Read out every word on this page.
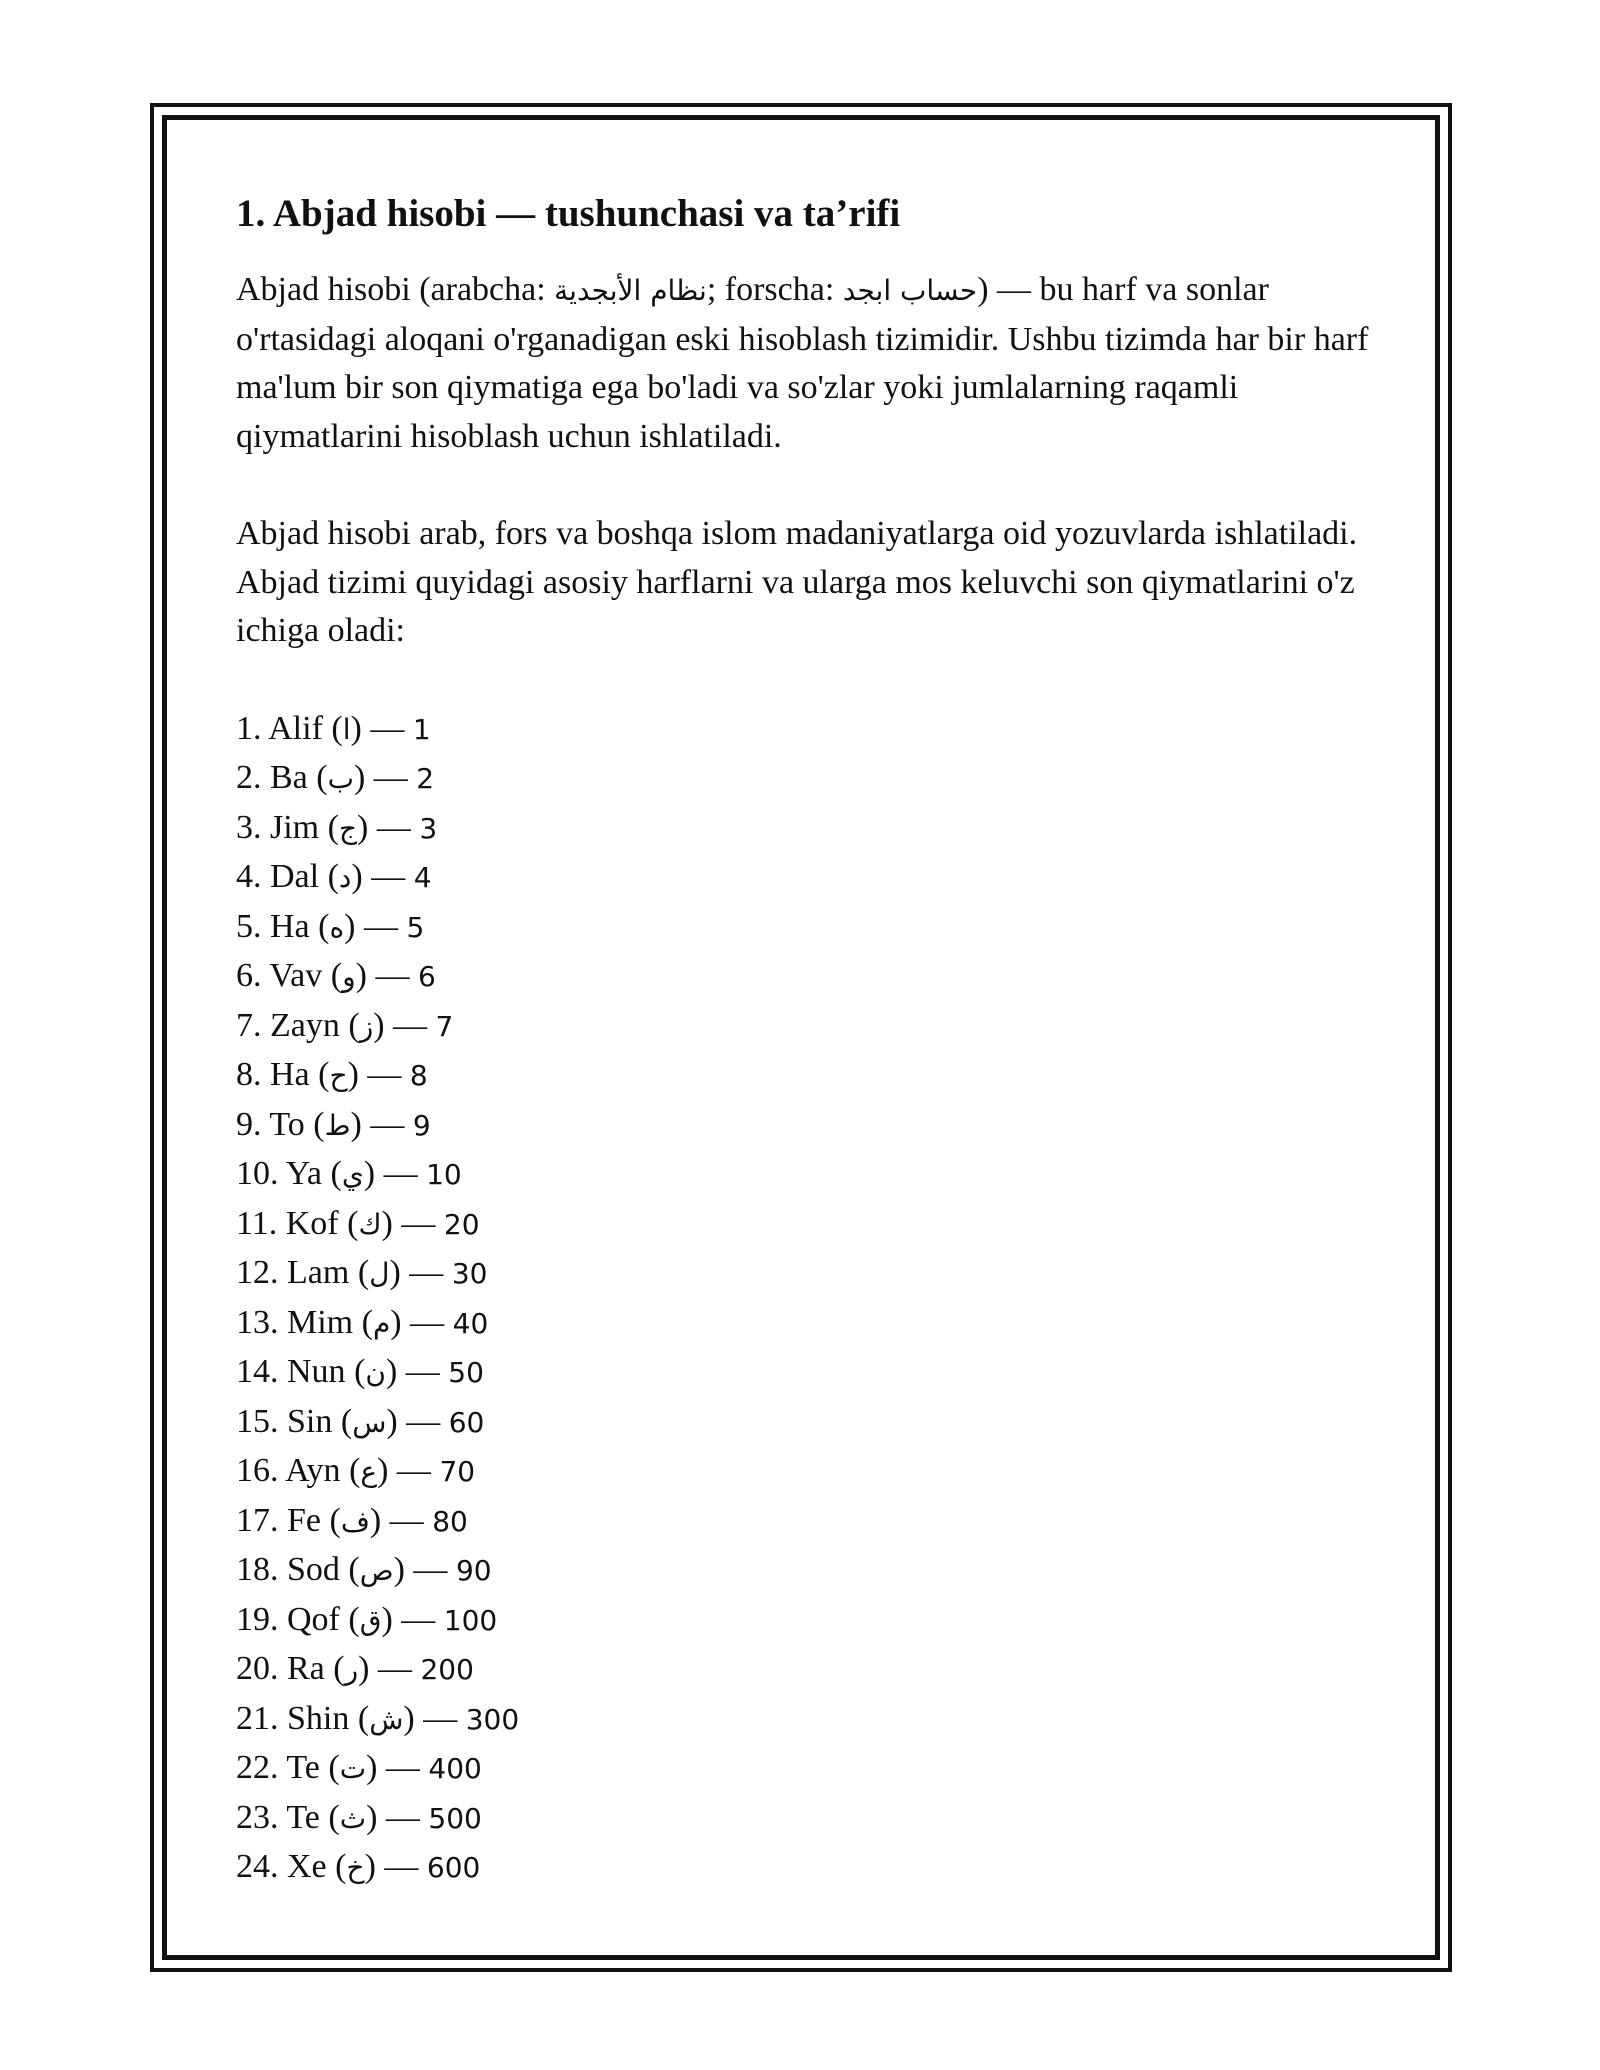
1. Abjad hisobi — tushunchasi va ta’rifi

Abjad hisobi (arabcha: نظام الأبجدية; forscha: حساب ابجد) — bu harf va sonlar o'rtasidagi aloqani o'rganadigan eski hisoblash tizimidir. Ushbu tizimda har bir harf ma'lum bir son qiymatiga ega bo'ladi va so'zlar yoki jumlalarning raqamli qiymatlarini hisoblash uchun ishlatiladi.

Abjad hisobi arab, fors va boshqa islom madaniyatlarga oid yozuvlarda ishlatiladi. Abjad tizimi quyidagi asosiy harflarni va ularga mos keluvchi son qiymatlarini o'z ichiga oladi:

1. Alif (ا) — 1
2. Ba (ب) — 2
3. Jim (ج) — 3
4. Dal (د) — 4
5. Ha (ه) — 5
6. Vav (و) — 6
7. Zayn (ز) — 7
8. Ha (ح) — 8
9. To (ط) — 9
10. Ya (ي) — 10
11. Kof (ك) — 20
12. Lam (ل) — 30
13. Mim (م) — 40
14. Nun (ن) — 50
15. Sin (س) — 60
16. Ayn (ع) — 70
17. Fe (ف) — 80
18. Sod (ص) — 90
19. Qof (ق) — 100
20. Ra (ر) — 200
21. Shin (ش) — 300
22. Te (ت) — 400
23. Te (ث) — 500
24. Xe (خ) — 600
